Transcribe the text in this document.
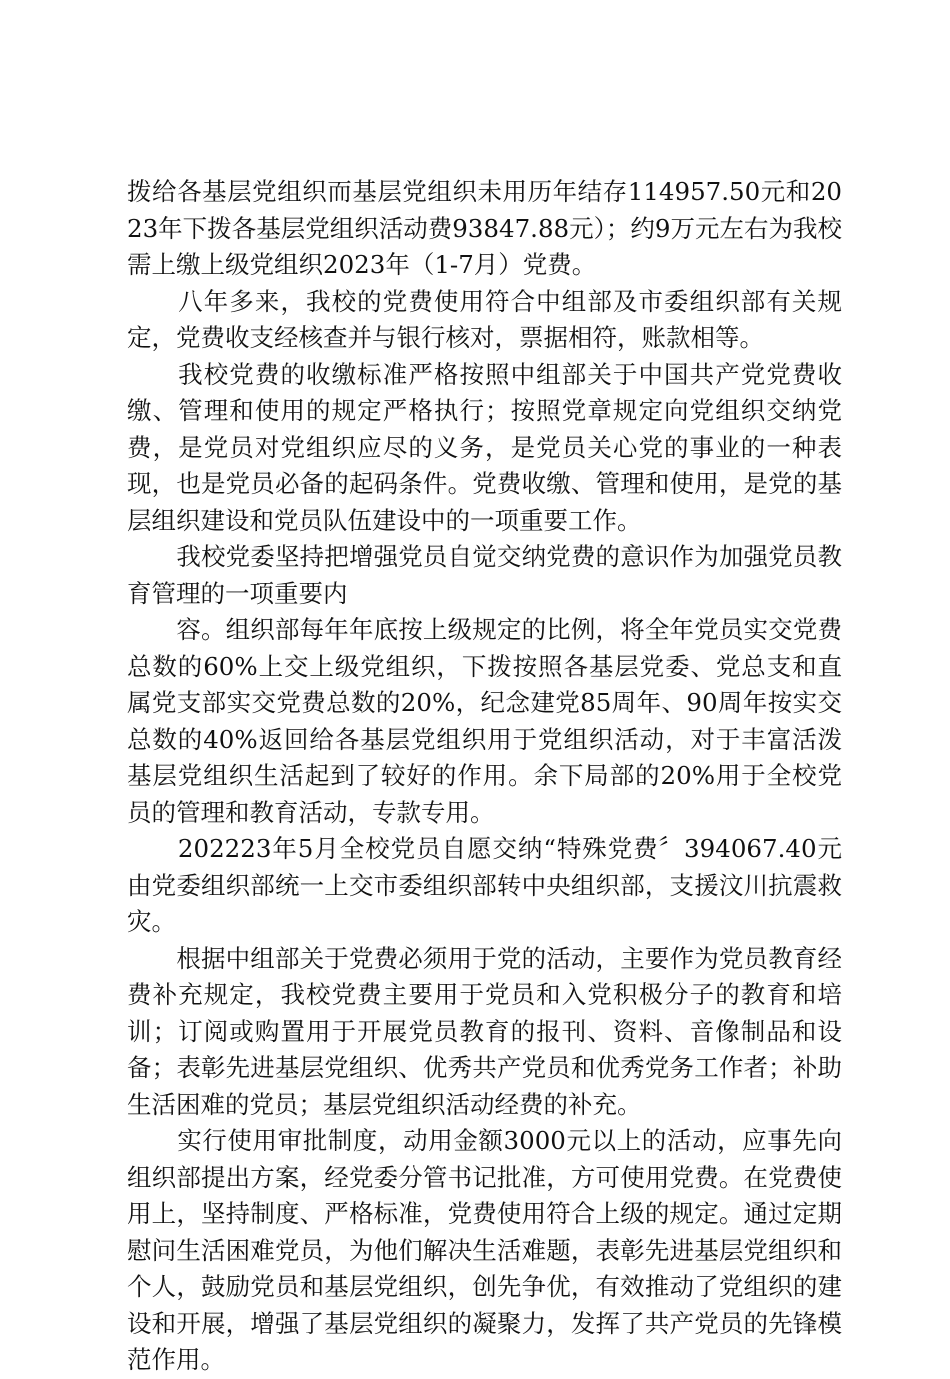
拨给各基层党组织而基层党组织未用历年结存114957.50元和2023年下拨各基层党组织活动费93847.88元）；约9万元左右为我校需上缴上级党组织2023年（1-7月）党费。

　　八年多来，我校的党费使用符合中组部及市委组织部有关规定，党费收支经核查并与银行核对，票据相符，账款相等。

　　我校党费的收缴标准严格按照中组部关于中国共产党党费收缴、管理和使用的规定严格执行；按照党章规定向党组织交纳党费，是党员对党组织应尽的义务，是党员关心党的事业的一种表现，也是党员必备的起码条件。党费收缴、管理和使用，是党的基层组织建设和党员队伍建设中的一项重要工作。

　　我校党委坚持把增强党员自觉交纳党费的意识作为加强党员教育管理的一项重要内

　　容。组织部每年年底按上级规定的比例，将全年党员实交党费总数的60%上交上级党组织，下拨按照各基层党委、党总支和直属党支部实交党费总数的20%，纪念建党85周年、90周年按实交总数的40%返回给各基层党组织用于党组织活动，对于丰富活泼基层党组织生活起到了较好的作用。余下局部的20%用于全校党员的管理和教育活动，专款专用。

　　202223年5月全校党员自愿交纳“特殊党费〞394067.40元由党委组织部统一上交市委组织部转中央组织部，支援汶川抗震救灾。

　　根据中组部关于党费必须用于党的活动，主要作为党员教育经费补充规定，我校党费主要用于党员和入党积极分子的教育和培训；订阅或购置用于开展党员教育的报刊、资料、音像制品和设备；表彰先进基层党组织、优秀共产党员和优秀党务工作者；补助生活困难的党员；基层党组织活动经费的补充。

　　实行使用审批制度，动用金额3000元以上的活动，应事先向组织部提出方案，经党委分管书记批准，方可使用党费。在党费使用上，坚持制度、严格标准，党费使用符合上级的规定。通过定期慰问生活困难党员，为他们解决生活难题，表彰先进基层党组织和个人，鼓励党员和基层党组织，创先争优，有效推动了党组织的建设和开展，增强了基层党组织的凝聚力，发挥了共产党员的先锋模范作用。
